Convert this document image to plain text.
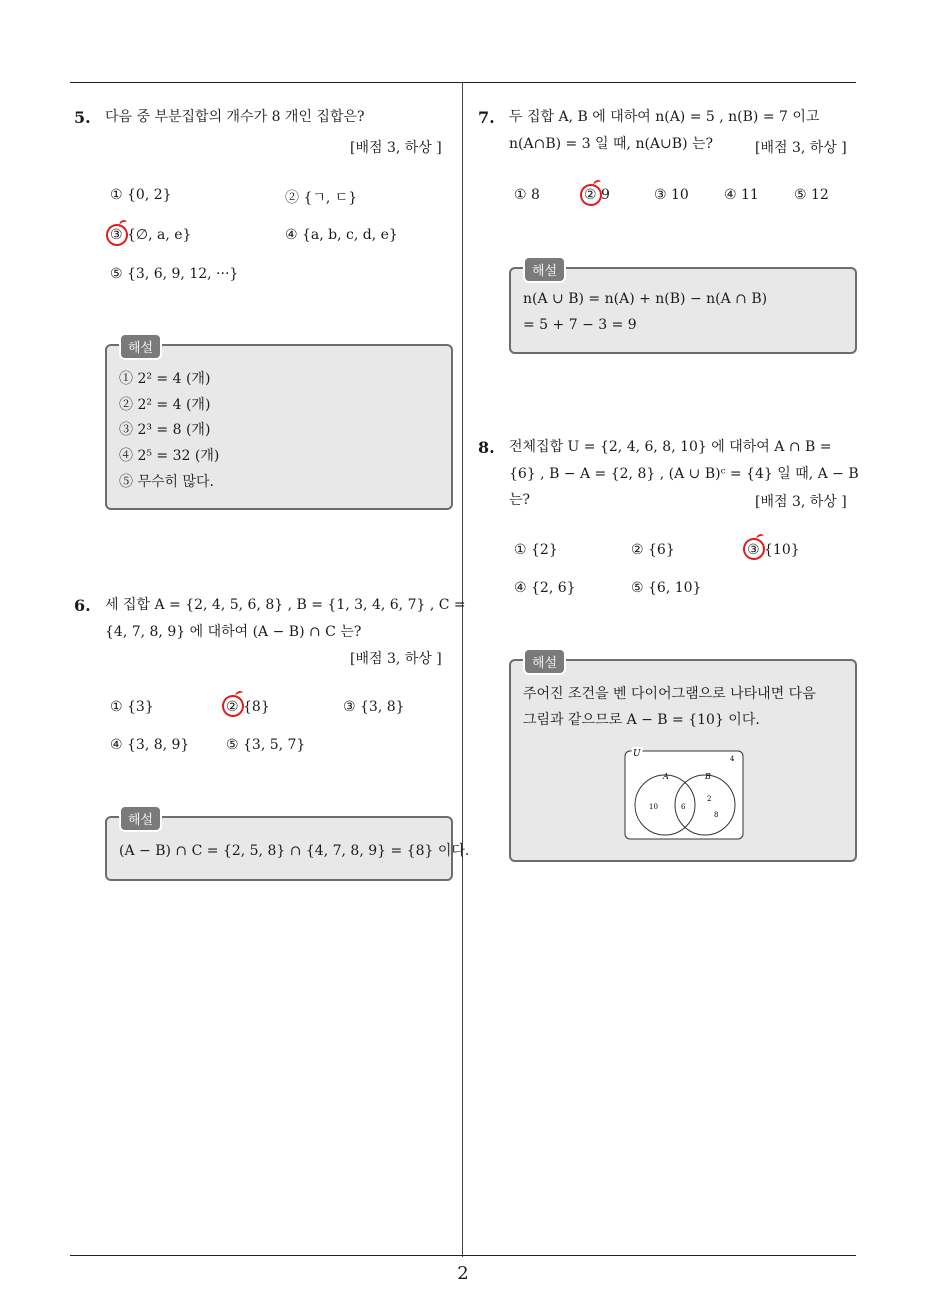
5. 다음 중 부분집합의 개수가 8 개인 집합은?
[배점 3, 하상 ]
① {0, 2}	② {ㄱ, ㄷ}
③ {∅, a, e}	④ {a, b, c, d, e}
⑤ {3, 6, 9, 12, ···}
해설
① 2² = 4 (개)
② 2² = 4 (개)
③ 2³ = 8 (개)
④ 2⁵ = 32 (개)
⑤ 무수히 많다.
6. 세 집합 A = {2, 4, 5, 6, 8} , B = {1, 3, 4, 6, 7} , C =
{4, 7, 8, 9} 에 대하여 (A − B) ∩ C 는?
[배점 3, 하상 ]
① {3}	② {8}	③ {3, 8}
④ {3, 8, 9}	⑤ {3, 5, 7}
해설
(A − B) ∩ C = {2, 5, 8} ∩ {4, 7, 8, 9} = {8} 이다.
7. 두 집합 A, B 에 대하여 n(A) = 5 , n(B) = 7 이고
n(A∩B) = 3 일 때, n(A∪B) 는?	[배점 3, 하상 ]
① 8	② 9	③ 10	④ 11	⑤ 12
해설
n(A ∪ B) = n(A) + n(B) − n(A ∩ B)
= 5 + 7 − 3 = 9
8. 전체집합 U = {2, 4, 6, 8, 10} 에 대하여 A ∩ B =
{6} , B − A = {2, 8} , (A ∪ B)ᶜ = {4} 일 때, A − B
는?	[배점 3, 하상 ]
① {2}	② {6}	③ {10}
④ {2, 6}	⑤ {6, 10}
해설
주어진 조건을 벤 다이어그램으로 나타내면 다음
그림과 같으므로 A − B = {10} 이다.
U
A	B
4
10	6
2
8
2
